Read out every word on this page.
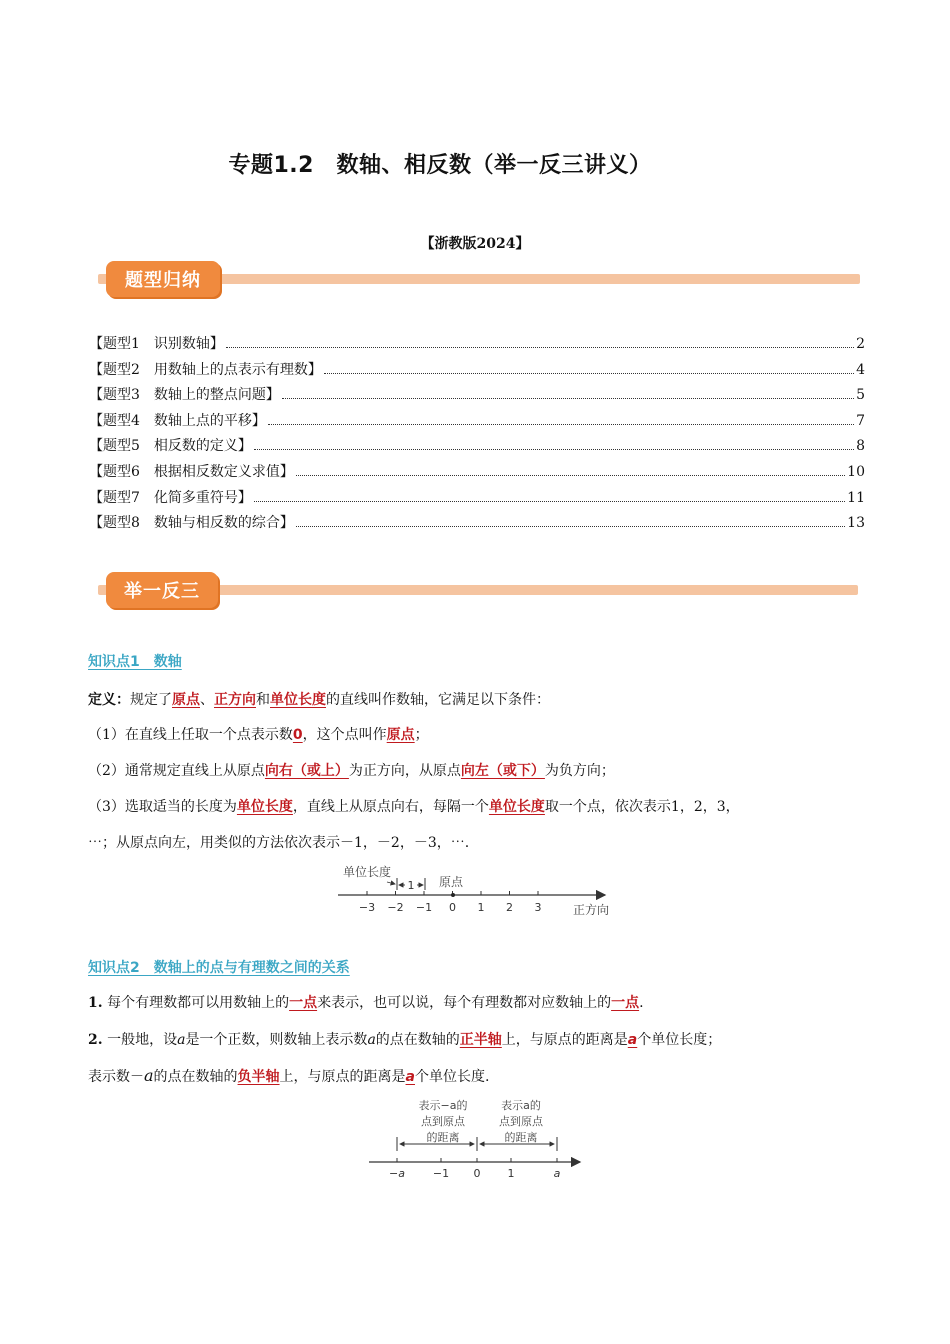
专题1.2　数轴、相反数（举一反三讲义）
【浙教版2024】
题型归纳
【题型1　识别数轴】	2
【题型2　用数轴上的点表示有理数】	4
【题型3　数轴上的整点问题】	5
【题型4　数轴上点的平移】	7
【题型5　相反数的定义】	8
【题型6　根据相反数定义求值】	10
【题型7　化简多重符号】	11
【题型8　数轴与相反数的综合】	13
举一反三
知识点1　数轴
定义：规定了原点、正方向和单位长度的直线叫作数轴，它满足以下条件：
（1）在直线上任取一个点表示数0，这个点叫作原点；
（2）通常规定直线上从原点向右（或上）为正方向，从原点向左（或下）为负方向；
（3）选取适当的长度为单位长度，直线上从原点向右，每隔一个单位长度取一个点，依次表示1，2，3，
⋯；从原点向左，用类似的方法依次表示－1，－2，－3，⋯.
−3 −2 −1 0 1 2 3
单位长度
1 原点
正方向
知识点2　数轴上的点与有理数之间的关系
1. 每个有理数都可以用数轴上的一点来表示，也可以说，每个有理数都对应数轴上的一点.
2. 一般地，设a是一个正数，则数轴上表示数a的点在数轴的正半轴上，与原点的距离是a个单位长度；
表示数－a的点在数轴的负半轴上，与原点的距离是a个单位长度.
表示−a的
点到原点
的距离
表示a的
点到原点
的距离
−a	−1 0 1	a
